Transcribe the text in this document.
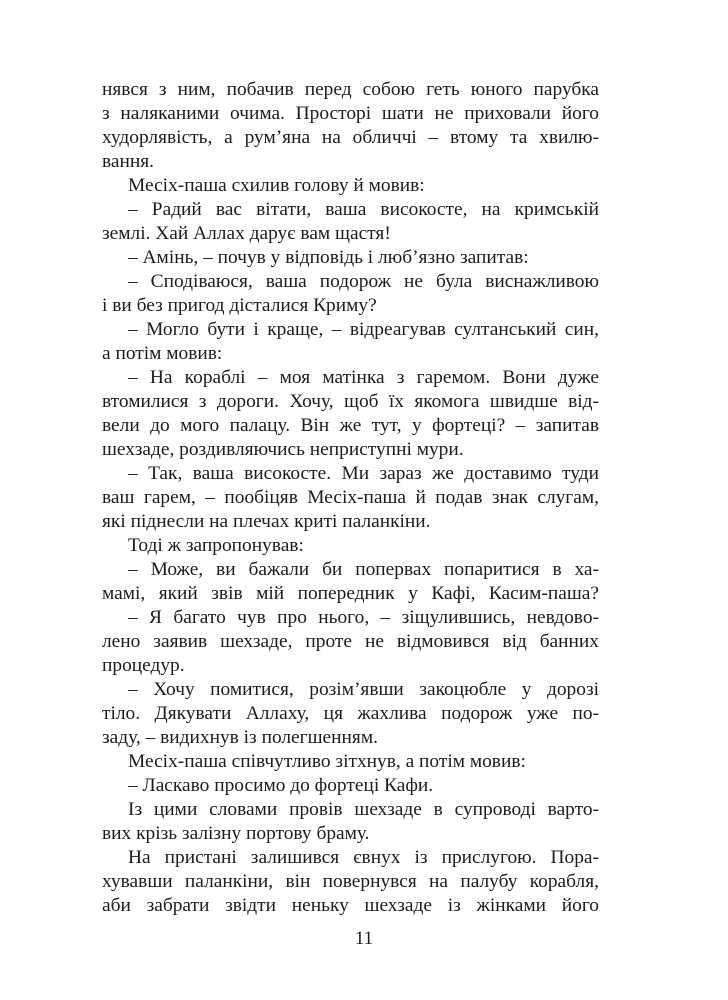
нявся з ним, побачив перед собою геть юного парубка
з наляканими очима. Просторі шати не приховали його
худорлявість, а рум’яна на обличчі – втому та хвилю-
вання.
Месіх-паша схилив голову й мовив:
– Радий вас вітати, ваша високосте, на кримській
землі. Хай Аллах дарує вам щастя!
– Амінь, – почув у відповідь і люб’язно запитав:
– Сподіваюся, ваша подорож не була виснажливою
і ви без пригод дісталися Криму?
– Могло бути і краще, – відреагував султанський син,
а потім мовив:
– На кораблі – моя матінка з гаремом. Вони дуже
втомилися з дороги. Хочу, щоб їх якомога швидше від-
вели до мого палацу. Він же тут, у фортеці? – запитав
шехзаде, роздивляючись неприступні мури.
– Так, ваша високосте. Ми зараз же доставимо туди
ваш гарем, – пообіцяв Месіх-паша й подав знак слугам,
які піднесли на плечах криті паланкіни.
Тоді ж запропонував:
– Може, ви бажали би попервах попаритися в ха-
мамі, який звів мій попередник у Кафі, Касим-паша?
– Я багато чув про нього, – зіщулившись, невдово-
лено заявив шехзаде, проте не відмовився від банних
процедур.
– Хочу помитися, розім’явши закоцюбле у дорозі
тіло. Дякувати Аллаху, ця жахлива подорож уже по-
заду, – видихнув із полегшенням.
Месіх-паша співчутливо зітхнув, а потім мовив:
– Ласкаво просимо до фортеці Кафи.
Із цими словами провів шехзаде в супроводі варто-
вих крізь залізну портову браму.
На пристані залишився євнух із прислугою. Пора-
хувавши паланкіни, він повернувся на палубу корабля,
аби забрати звідти неньку шехзаде із жінками його
11
